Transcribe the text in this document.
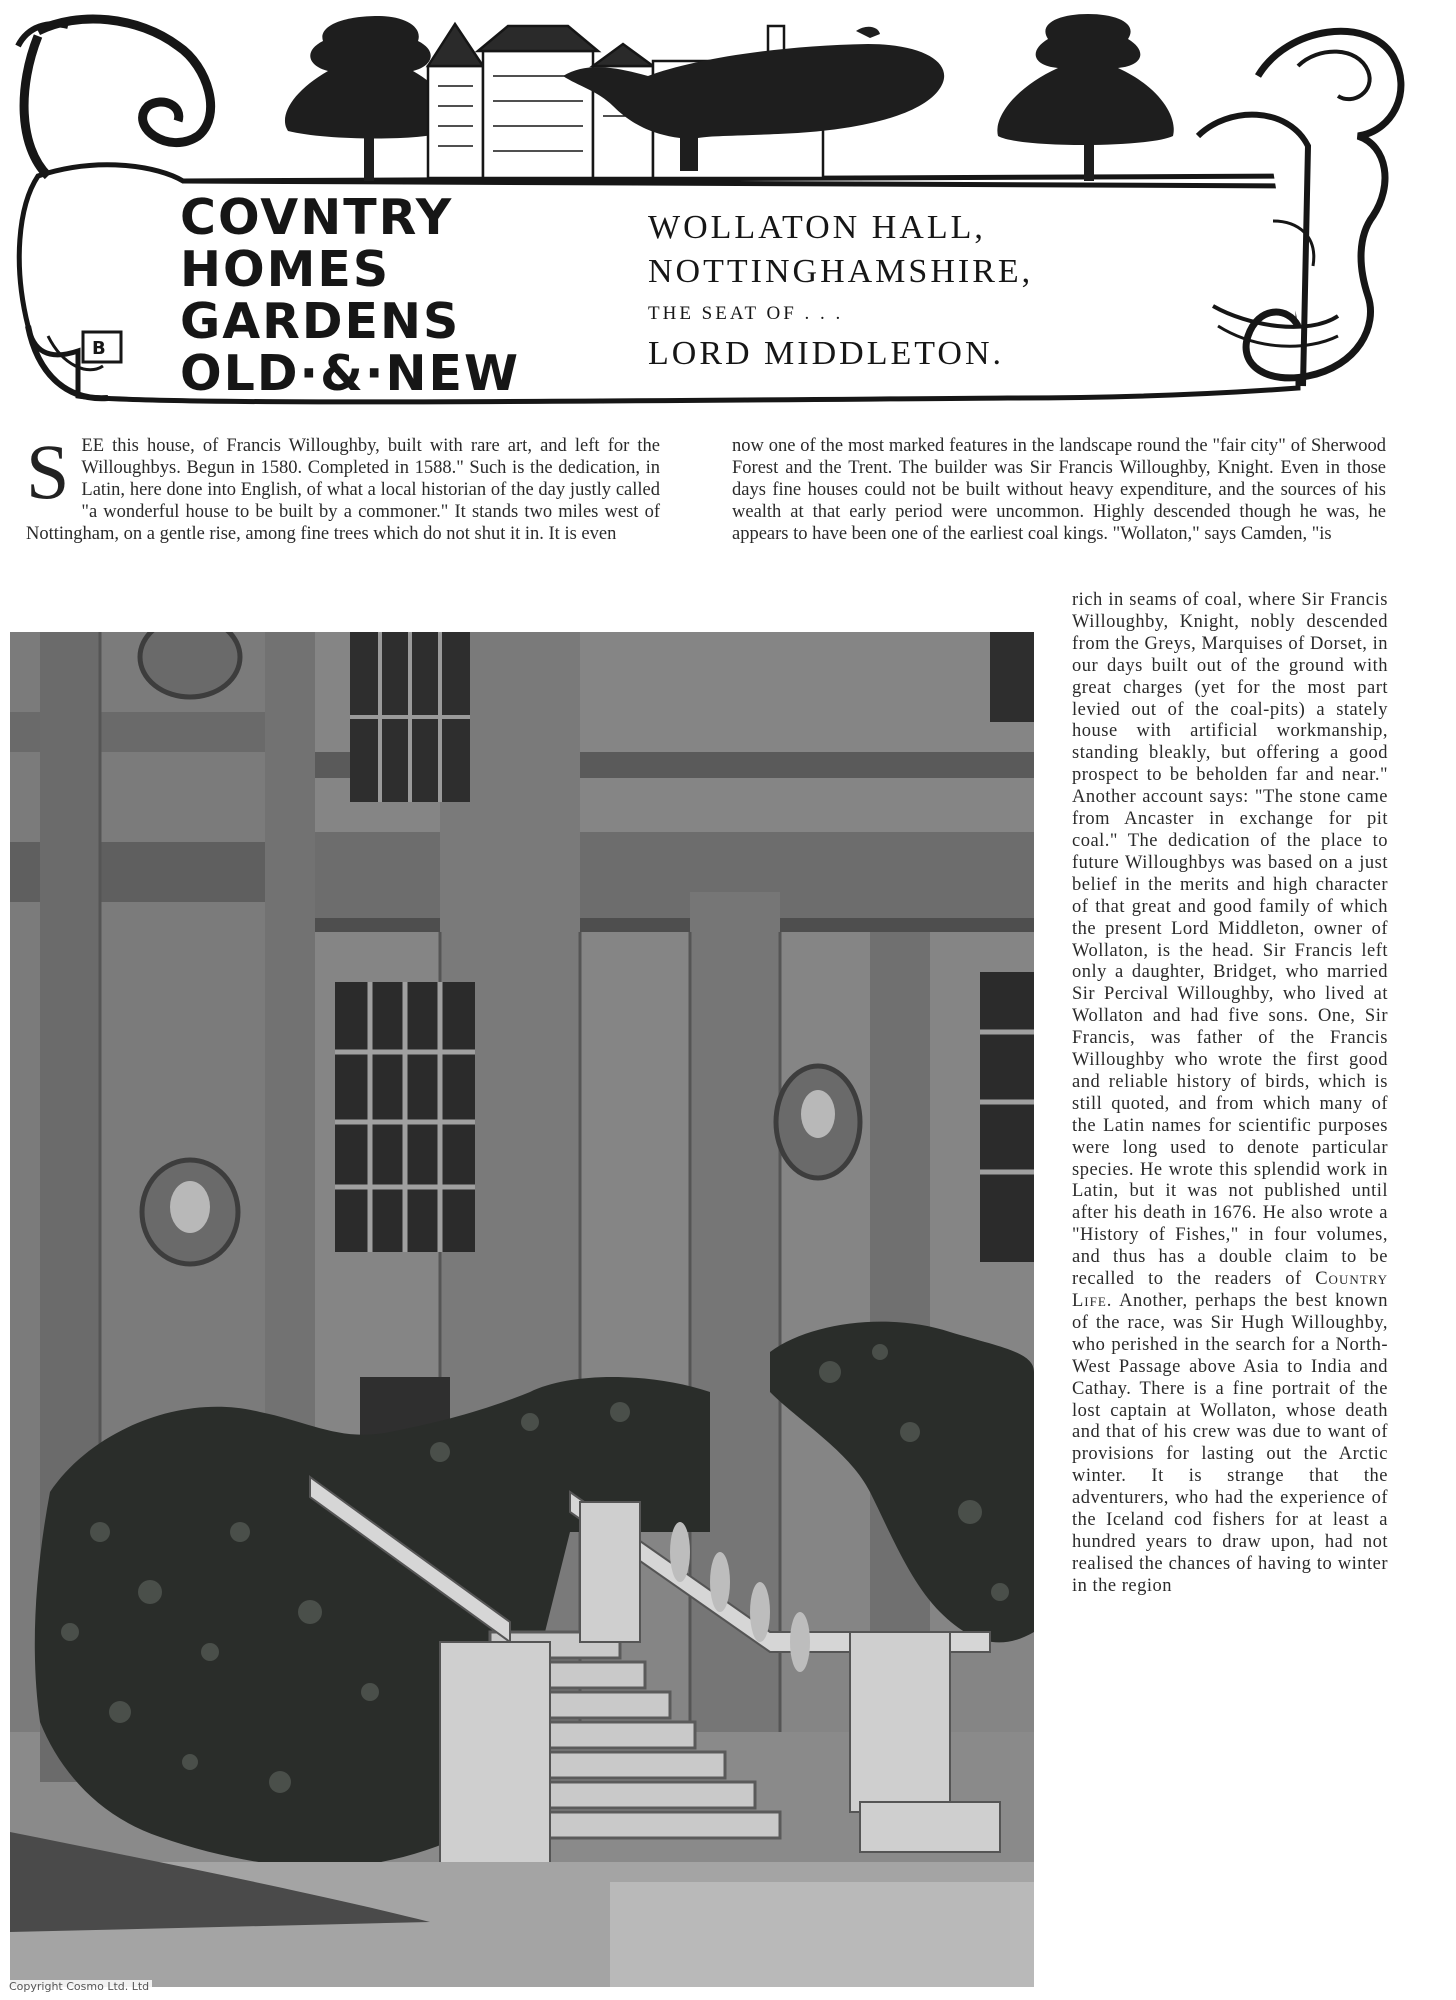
B
COVNTRY
HOMES
GARDENS
OLD·&·NEW
WOLLATON HALL,
NOTTINGHAMSHIRE,
THE SEAT OF . . .
LORD MIDDLETON.
S EE this house, of Francis Willoughby, built with rare art, and left for the Willoughbys. Begun in 1580. Completed in 1588." Such is the dedication, in Latin, here done into English, of what a local historian of the day justly called "a wonderful house to be built by a commoner." It stands two miles west of Nottingham, on a gentle rise, among fine trees which do not shut it in. It is even
now one of the most marked features in the landscape round the "fair city" of Sherwood Forest and the Trent. The builder was Sir Francis Willoughby, Knight. Even in those days fine houses could not be built without heavy expenditure, and the sources of his wealth at that early period were uncommon. Highly descended though he was, he appears to have been one of the earliest coal kings. "Wollaton," says Camden, "is
rich in seams of coal, where Sir Francis Willoughby, Knight, nobly descended from the Greys, Marquises of Dorset, in our days built out of the ground with great charges (yet for the most part levied out of the coal-pits) a stately house with artificial workmanship, standing bleakly, but offering a good prospect to be beholden far and near." Another account says: "The stone came from Ancaster in exchange for pit coal." The dedication of the place to future Willoughbys was based on a just belief in the merits and high character of that great and good family of which the present Lord Middleton, owner of Wollaton, is the head. Sir Francis left only a daughter, Bridget, who married Sir Percival Willoughby, who lived at Wollaton and had five sons. One, Sir Francis, was father of the Francis Willoughby who wrote the first good and reliable history of birds, which is still quoted, and from which many of the Latin names for scientific purposes were long used to denote particular species. He wrote this splendid work in Latin, but it was not published until after his death in 1676. He also wrote a "History of Fishes," in four volumes, and thus has a double claim to be recalled to the readers of Country Life. Another, perhaps the best known of the race, was Sir Hugh Willoughby, who perished in the search for a North-West Passage above Asia to India and Cathay. There is a fine portrait of the lost captain at Wollaton, whose death and that of his crew was due to want of provisions for lasting out the Arctic winter. It is strange that the adventurers, who had the experience of the Iceland cod fishers for at least a hundred years to draw upon, had not realised the chances of having to winter in the region
Copyright Cosmo Ltd. Ltd
